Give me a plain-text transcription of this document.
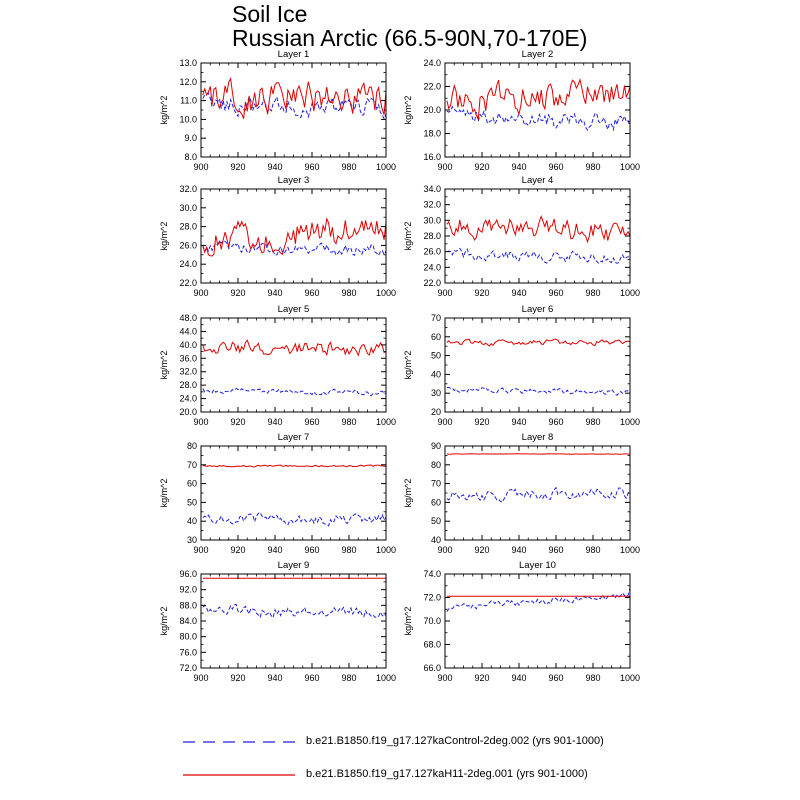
Soil Ice
Russian Arctic (66.5-90N,70-170E)
Layer 1
kg/m^2
900 920 940 960 980 1000
8.0
9.0
10.0
11.0
12.0
13.0
Layer 2
kg/m^2
900 920 940 960 980 1000
16.0
18.0
20.0
22.0
24.0
Layer 3
kg/m^2
900 920 940 960 980 1000
22.0
24.0
26.0
28.0
30.0
32.0
Layer 4
kg/m^2
900 920 940 960 980 1000
22.0
24.0
26.0
28.0
30.0
32.0
34.0
Layer 5
kg/m^2
900 920 940 960 980 1000
20.0
24.0
28.0
32.0
36.0
40.0
44.0
48.0
Layer 6
kg/m^2
900 920 940 960 980 1000
20
30
40
50
60
70
Layer 7
kg/m^2
900 920 940 960 980 1000
30
40
50
60
70
80
Layer 8
kg/m^2
900 920 940 960 980 1000
40
50
60
70
80
90
Layer 9
kg/m^2
900 920 940 960 980 1000
72.0
76.0
80.0
84.0
88.0
92.0
96.0
Layer 10
kg/m^2
900 920 940 960 980 1000
66.0
68.0
70.0
72.0
74.0
b.e21.B1850.f19_g17.127kaControl-2deg.002 (yrs 901-1000)
b.e21.B1850.f19_g17.127kaH11-2deg.001 (yrs 901-1000)
